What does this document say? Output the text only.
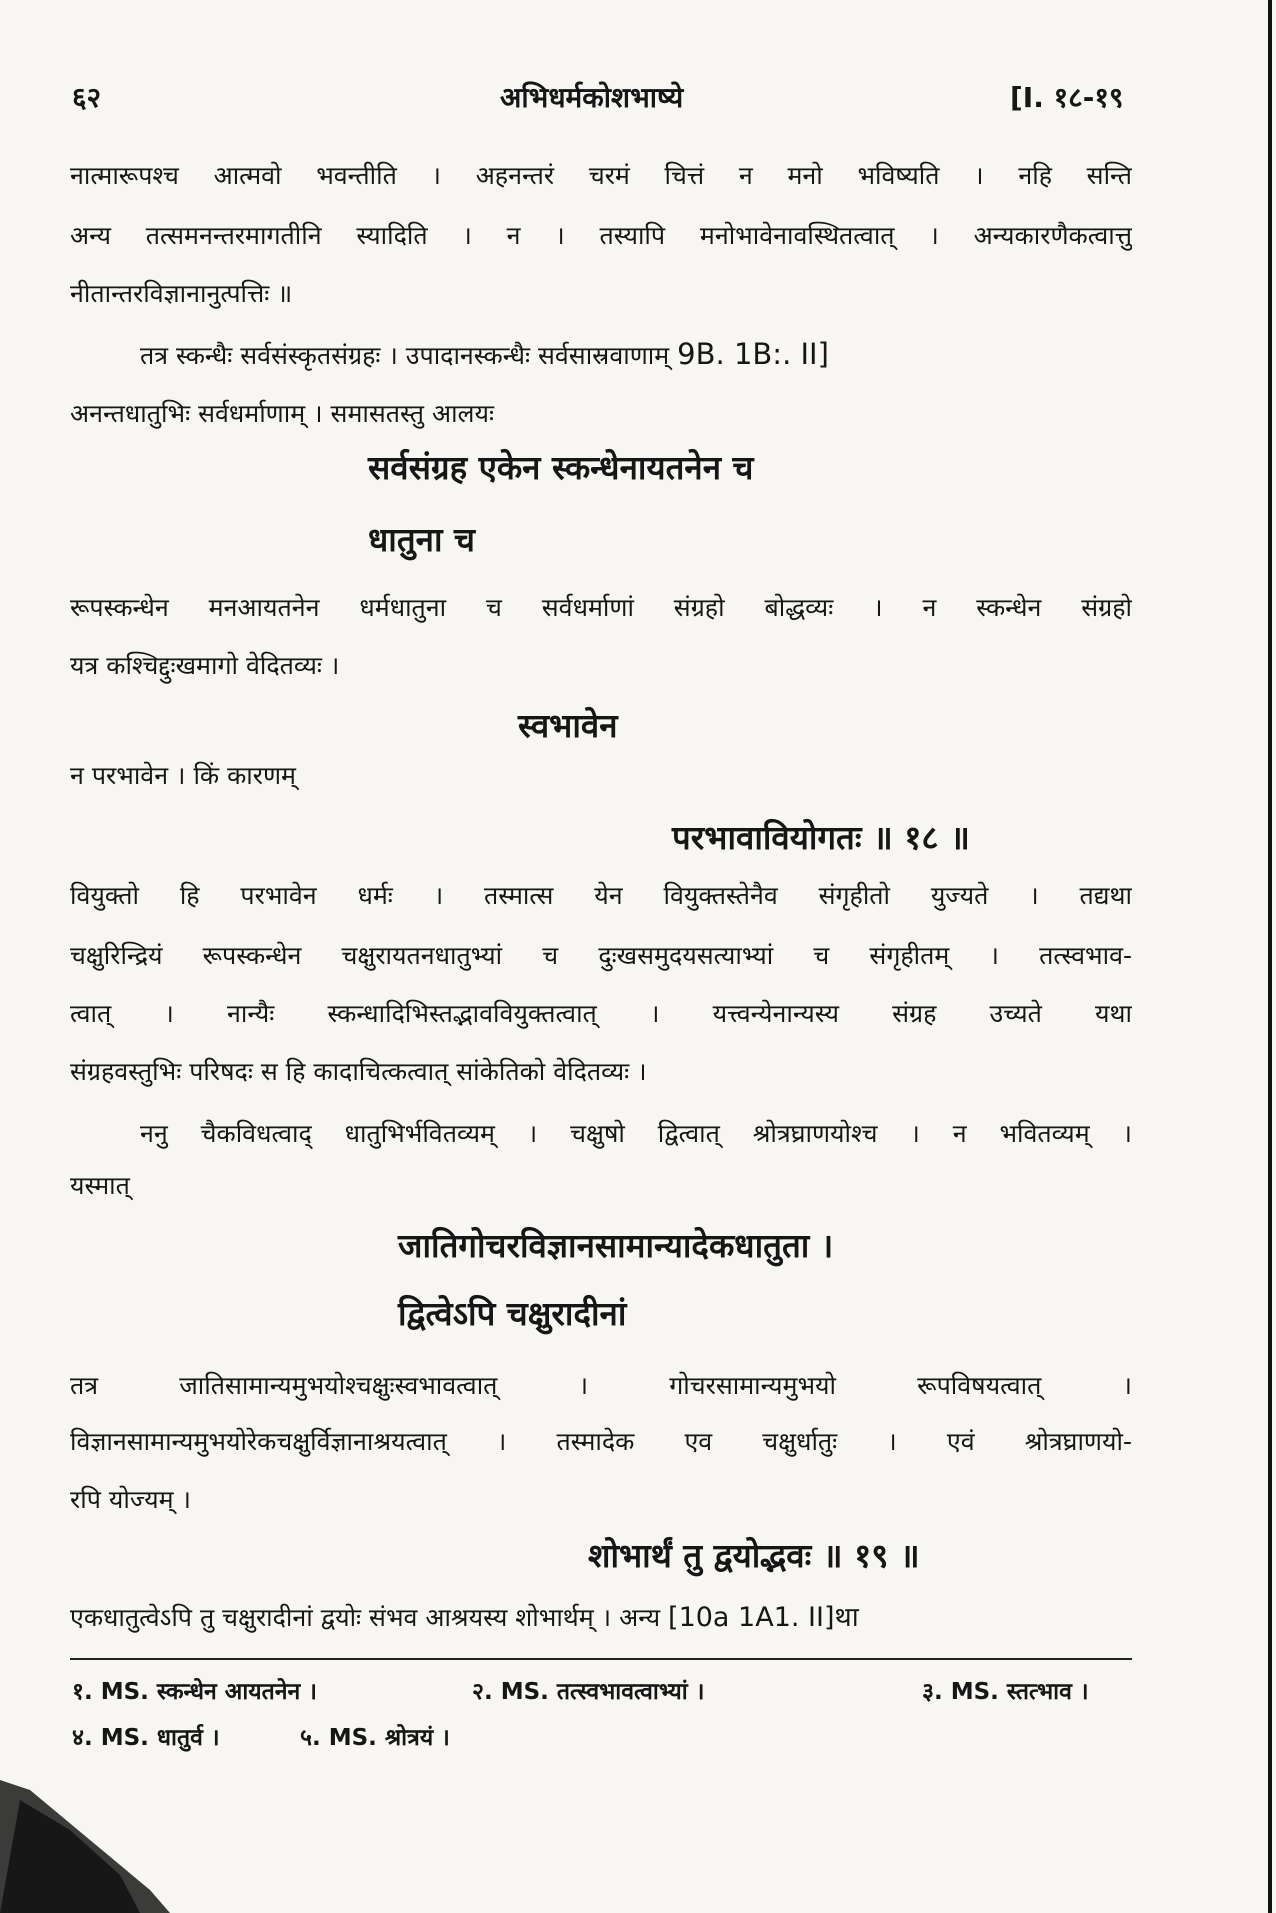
६२	अभिधर्मकोशभाष्ये	[I. १८-१९

नात्मारूपश्च आत्मवो भवन्तीति । अहनन्तरं चरमं चित्तं न मनो भविष्यति । नहि सन्ति

अन्य तत्समनन्तरमागतीनि स्यादिति । न । तस्यापि मनोभावेनावस्थितत्वात् । अन्यकारणैकत्वात्तु

नीतान्तरविज्ञानानुत्पत्तिः ॥

तत्र स्कन्धैः सर्वसंस्कृतसंग्रहः । उपादानस्कन्धैः सर्वसास्रवाणाम् 9B. 1B:. II]

अनन्तधातुभिः सर्वधर्माणाम् । समासतस्तु आलयः

सर्वसंग्रह एकेन स्कन्धेनायतनेन च
धातुना च

रूपस्कन्धेन मनआयतनेन धर्मधातुना च सर्वधर्माणां संग्रहो बोद्धव्यः । न स्कन्धेन संग्रहो

यत्र कश्चिद्दुःखमागो वेदितव्यः ।

स्वभावेन

न परभावेन । किं कारणम्

परभावावियोगतः ॥ १८ ॥

वियुक्तो हि परभावेन धर्मः । तस्मात्स येन वियुक्तस्तेनैव संगृहीतो युज्यते । तद्यथा

चक्षुरिन्द्रियं रूपस्कन्धेन चक्षुरायतनधातुभ्यां च दुःखसमुदयसत्याभ्यां च संगृहीतम् । तत्स्वभाव-

त्वात् । नान्यैः स्कन्धादिभिस्तद्भाववियुक्तत्वात् । यत्त्वन्येनान्यस्य संग्रह उच्यते यथा

संग्रहवस्तुभिः परिषदः स हि कादाचित्कत्वात् सांकेतिको वेदितव्यः ।

ननु चैकविधत्वाद् धातुभिर्भवितव्यम् । चक्षुषो द्वित्वात् श्रोत्रघ्राणयोश्च । न भवितव्यम् ।

यस्मात्

जातिगोचरविज्ञानसामान्यादेकधातुता ।
द्वित्वेऽपि चक्षुरादीनां

तत्र जातिसामान्यमुभयोश्चक्षुःस्वभावत्वात् । गोचरसामान्यमुभयो रूपविषयत्वात् ।

विज्ञानसामान्यमुभयोरेकचक्षुर्विज्ञानाश्रयत्वात् । तस्मादेक एव चक्षुर्धातुः । एवं श्रोत्रघ्राणयो-

रपि योज्यम् ।

शोभार्थं तु द्वयोद्भवः ॥ १९ ॥

एकधातुत्वेऽपि तु चक्षुरादीनां द्वयोः संभव आश्रयस्य शोभार्थम् । अन्य [10a 1A1. II]था

१. MS. स्कन्धेन आयतनेन ।	२. MS. तत्स्वभावत्वाभ्यां ।	३. MS. स्तत्भाव ।
४. MS. धातुर्व ।	५. MS. श्रोत्रयं ।
